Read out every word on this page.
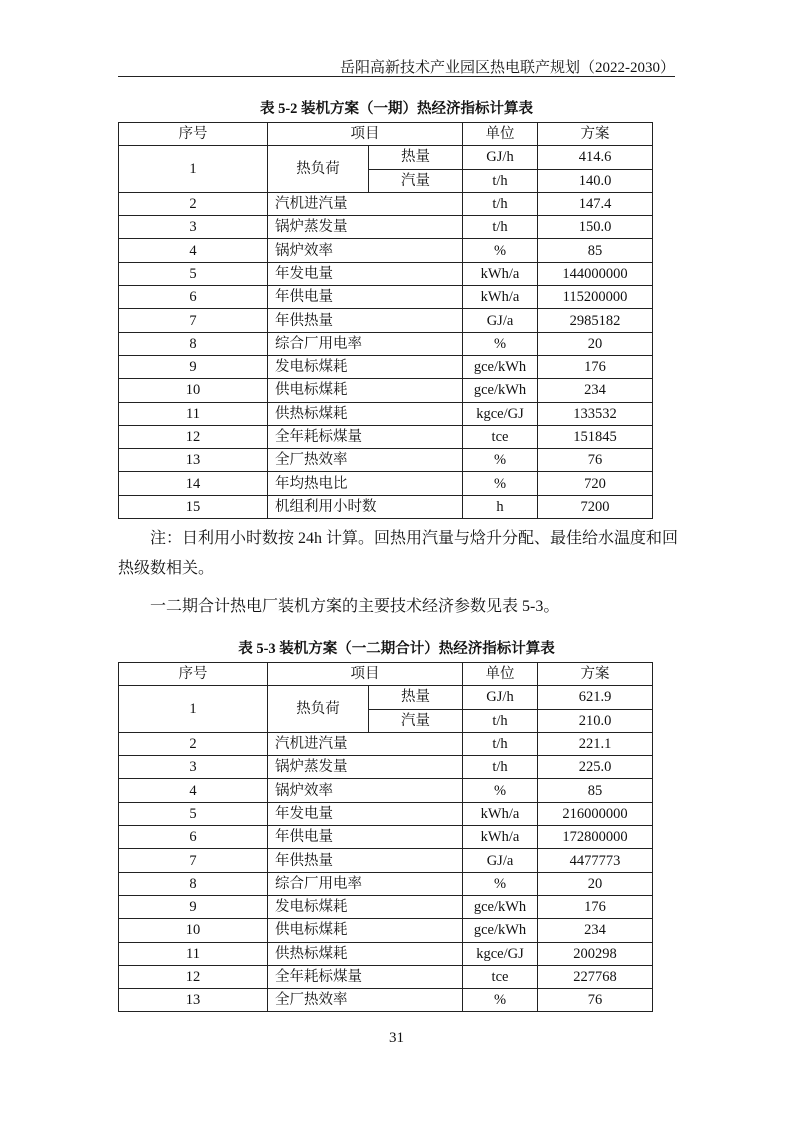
岳阳高新技术产业园区热电联产规划（2022-2030）
表 5-2 装机方案（一期）热经济指标计算表
序号	项目		单位	方案
1	热负荷	热量	GJ/h	414.6
		汽量	t/h	140.0
2	汽机进汽量		t/h	147.4
3	锅炉蒸发量		t/h	150.0
4	锅炉效率		%	85
5	年发电量		kWh/a	144000000
6	年供电量		kWh/a	115200000
7	年供热量		GJ/a	2985182
8	综合厂用电率		%	20
9	发电标煤耗		gce/kWh	176
10	供电标煤耗		gce/kWh	234
11	供热标煤耗		kgce/GJ	133532
12	全年耗标煤量		tce	151845
13	全厂热效率		%	76
14	年均热电比		%	720
15	机组利用小时数		h	7200
注：日利用小时数按 24h 计算。回热用汽量与焓升分配、最佳给水温度和回热级数相关。
一二期合计热电厂装机方案的主要技术经济参数见表 5-3。
表 5-3 装机方案（一二期合计）热经济指标计算表
序号	项目		单位	方案
1	热负荷	热量	GJ/h	621.9
		汽量	t/h	210.0
2	汽机进汽量		t/h	221.1
3	锅炉蒸发量		t/h	225.0
4	锅炉效率		%	85
5	年发电量		kWh/a	216000000
6	年供电量		kWh/a	172800000
7	年供热量		GJ/a	4477773
8	综合厂用电率		%	20
9	发电标煤耗		gce/kWh	176
10	供电标煤耗		gce/kWh	234
11	供热标煤耗		kgce/GJ	200298
12	全年耗标煤量		tce	227768
13	全厂热效率		%	76
31
